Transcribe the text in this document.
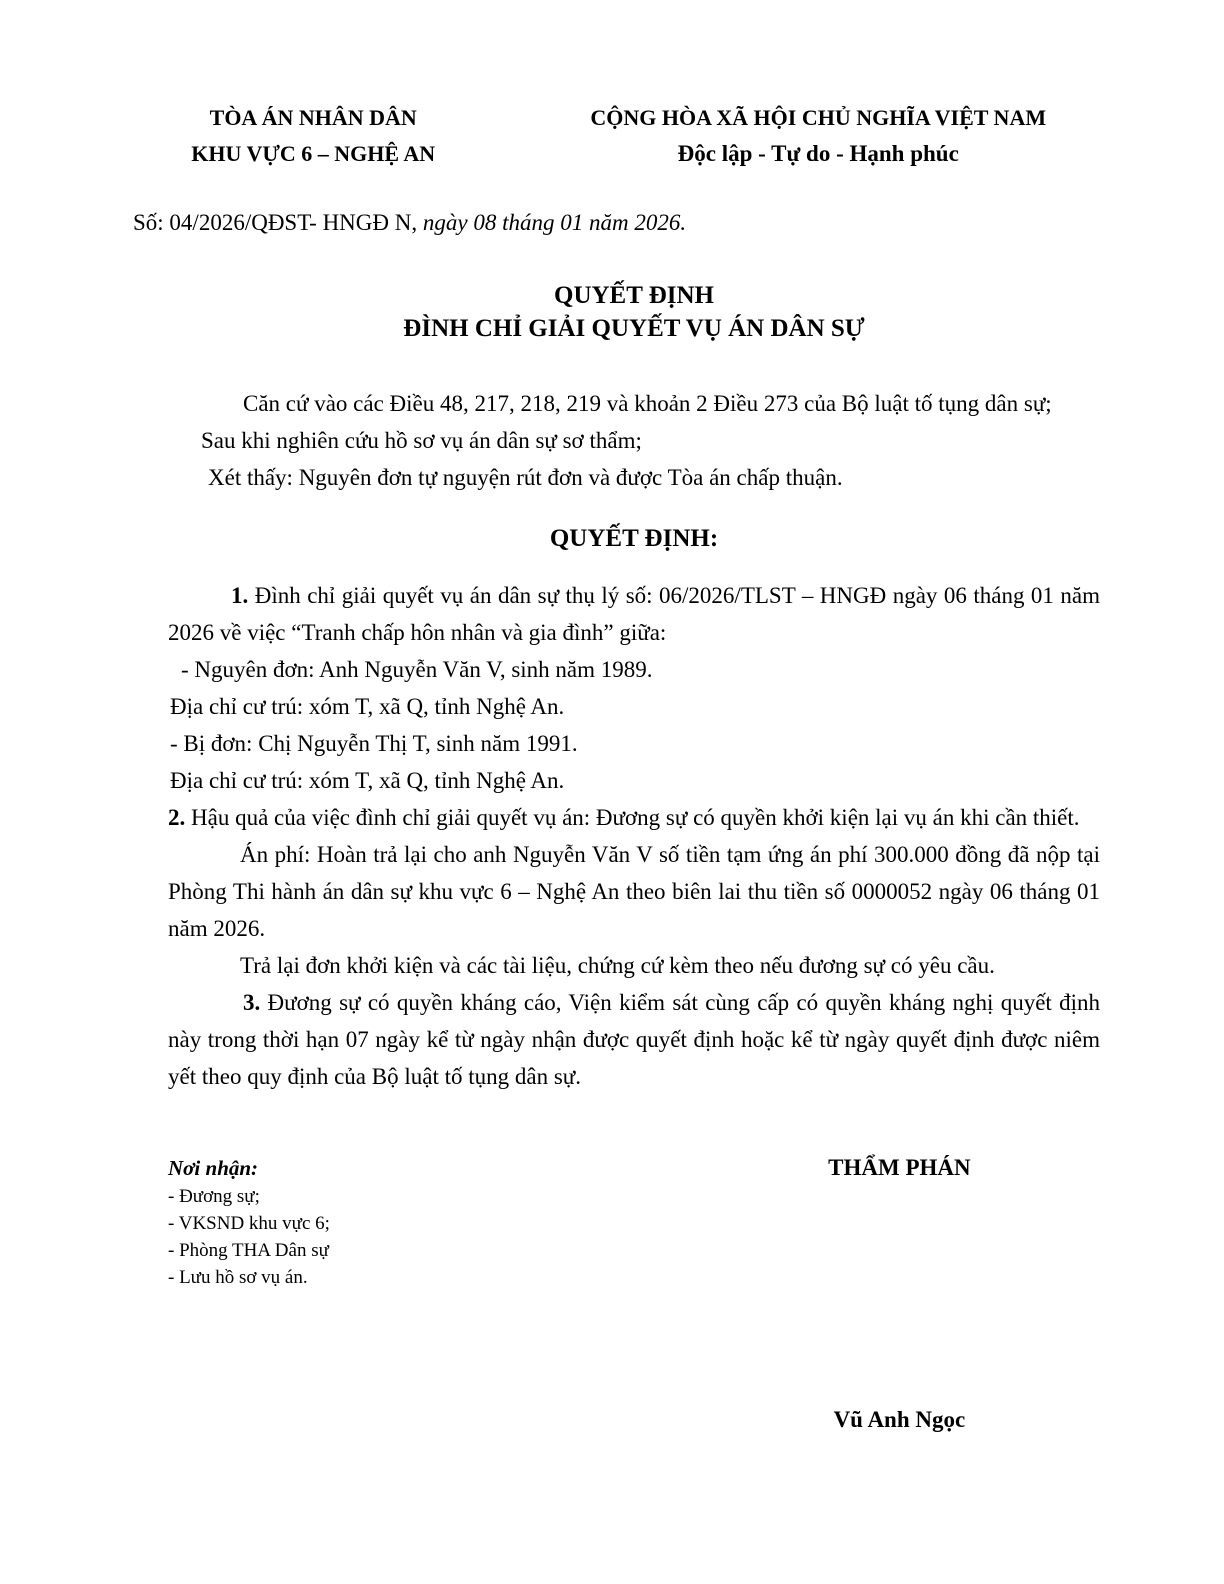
TÒA ÁN NHÂN DÂN
KHU VỰC 6 – NGHỆ AN
CỘNG HÒA XÃ HỘI CHỦ NGHĨA VIỆT NAM
Độc lập - Tự do - Hạnh phúc

Số: 04/2026/QĐST- HNGĐ N, ngày 08 tháng 01 năm 2026.

QUYẾT ĐỊNH
ĐÌNH CHỈ GIẢI QUYẾT VỤ ÁN DÂN SỰ

Căn cứ vào các Điều 48, 217, 218, 219 và khoản 2 Điều 273 của Bộ luật tố tụng dân sự;

Sau khi nghiên cứu hồ sơ vụ án dân sự sơ thẩm;

Xét thấy: Nguyên đơn tự nguyện rút đơn và được Tòa án chấp thuận.

QUYẾT ĐỊNH:

1. Đình chỉ giải quyết vụ án dân sự thụ lý số: 06/2026/TLST – HNGĐ ngày 06 tháng 01 năm 2026 về việc “Tranh chấp hôn nhân và gia đình” giữa:

- Nguyên đơn: Anh Nguyễn Văn V, sinh năm 1989.

Địa chỉ cư trú: xóm T, xã Q, tỉnh Nghệ An.

- Bị đơn: Chị Nguyễn Thị T, sinh năm 1991.

Địa chỉ cư trú: xóm T, xã Q, tỉnh Nghệ An.

2. Hậu quả của việc đình chỉ giải quyết vụ án: Đương sự có quyền khởi kiện lại vụ án khi cần thiết.

Án phí: Hoàn trả lại cho anh Nguyễn Văn V số tiền tạm ứng án phí 300.000 đồng đã nộp tại Phòng Thi hành án dân sự khu vực 6 – Nghệ An theo biên lai thu tiền số 0000052 ngày 06 tháng 01 năm 2026.

Trả lại đơn khởi kiện và các tài liệu, chứng cứ kèm theo nếu đương sự có yêu cầu.

3. Đương sự có quyền kháng cáo, Viện kiểm sát cùng cấp có quyền kháng nghị quyết định này trong thời hạn 07 ngày kể từ ngày nhận được quyết định hoặc kể từ ngày quyết định được niêm yết theo quy định của Bộ luật tố tụng dân sự.

Nơi nhận:
- Đương sự;
- VKSND khu vực 6;
- Phòng THA Dân sự
- Lưu hồ sơ vụ án.
THẨM PHÁN
Vũ Anh Ngọc
